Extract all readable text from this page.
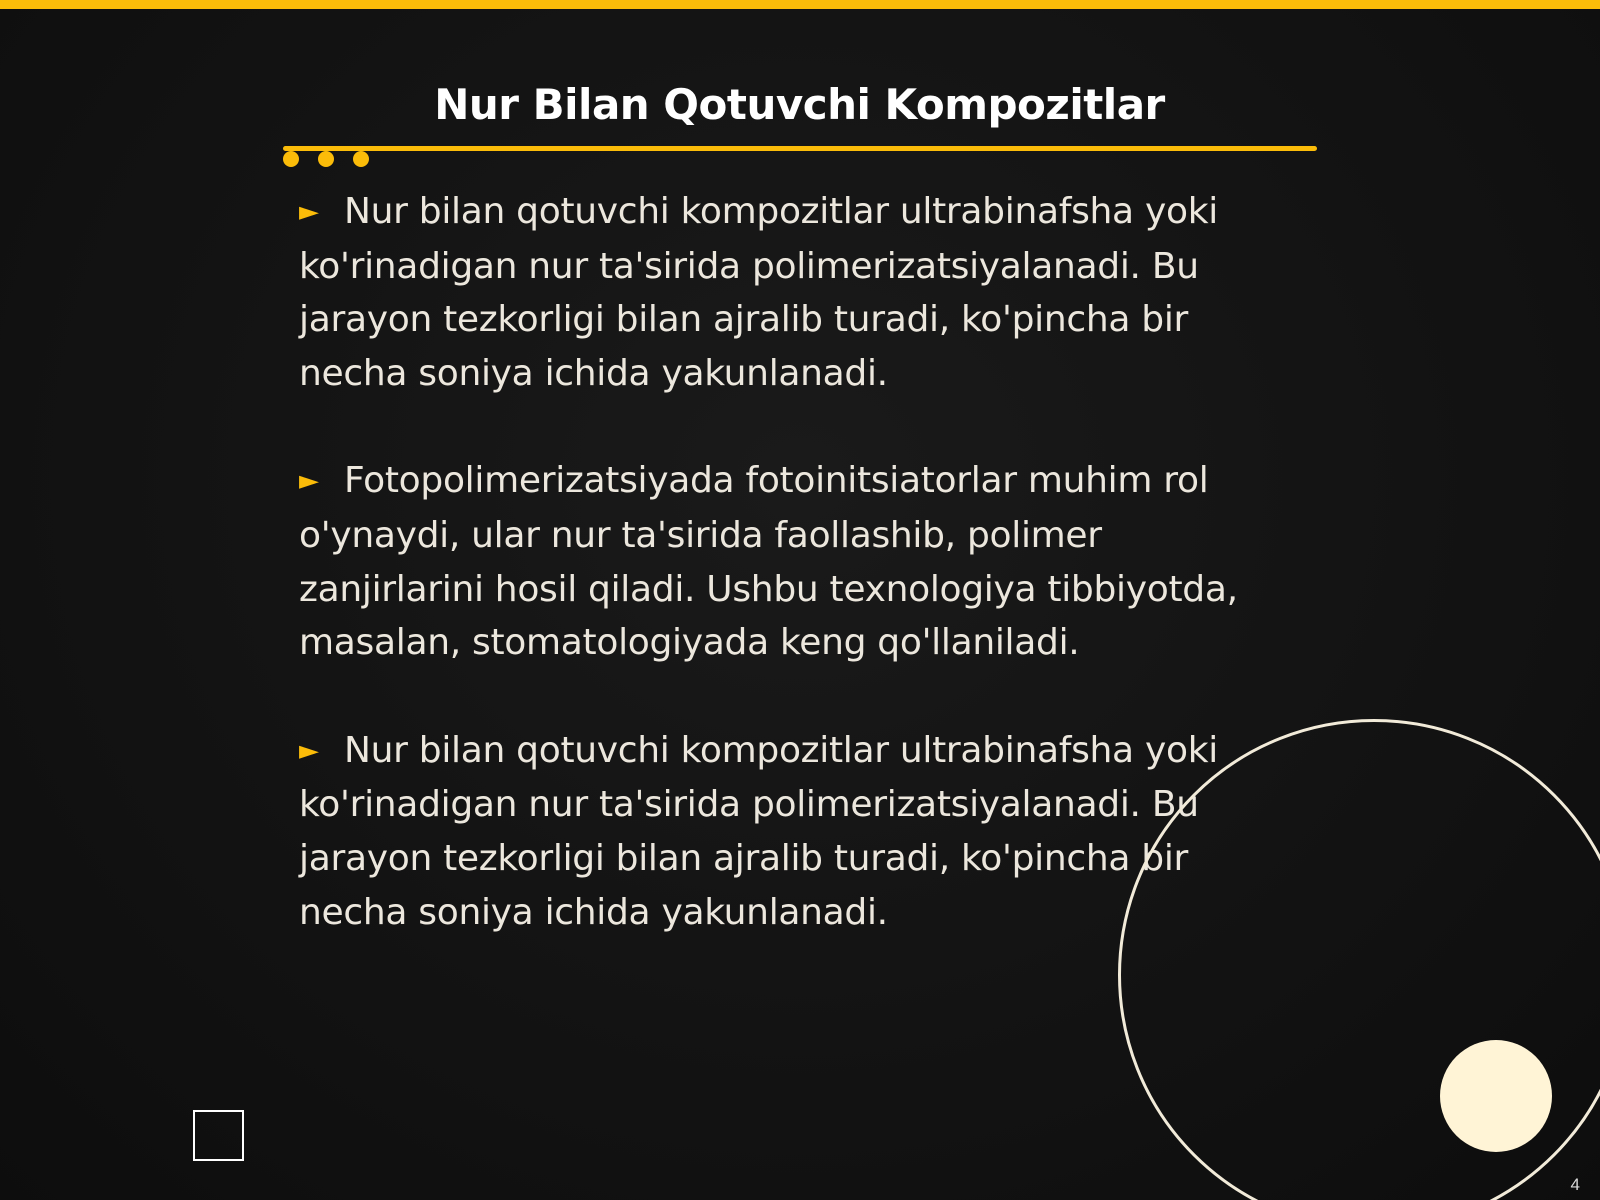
Nur Bilan Qotuvchi Kompozitlar
► Nur bilan qotuvchi kompozitlar ultrabinafsha yoki ko'rinadigan nur ta'sirida polimerizatsiyalanadi. Bu jarayon tezkorligi bilan ajralib turadi, ko'pincha bir necha soniya ichida yakunlanadi.
► Fotopolimerizatsiyada fotoinitsiatorlar muhim rol o'ynaydi, ular nur ta'sirida faollashib, polimer zanjirlarini hosil qiladi. Ushbu texnologiya tibbiyotda, masalan, stomatologiyada keng qo'llaniladi.
► Nur bilan qotuvchi kompozitlar ultrabinafsha yoki ko'rinadigan nur ta'sirida polimerizatsiyalanadi. Bu jarayon tezkorligi bilan ajralib turadi, ko'pincha bir necha soniya ichida yakunlanadi.
4
